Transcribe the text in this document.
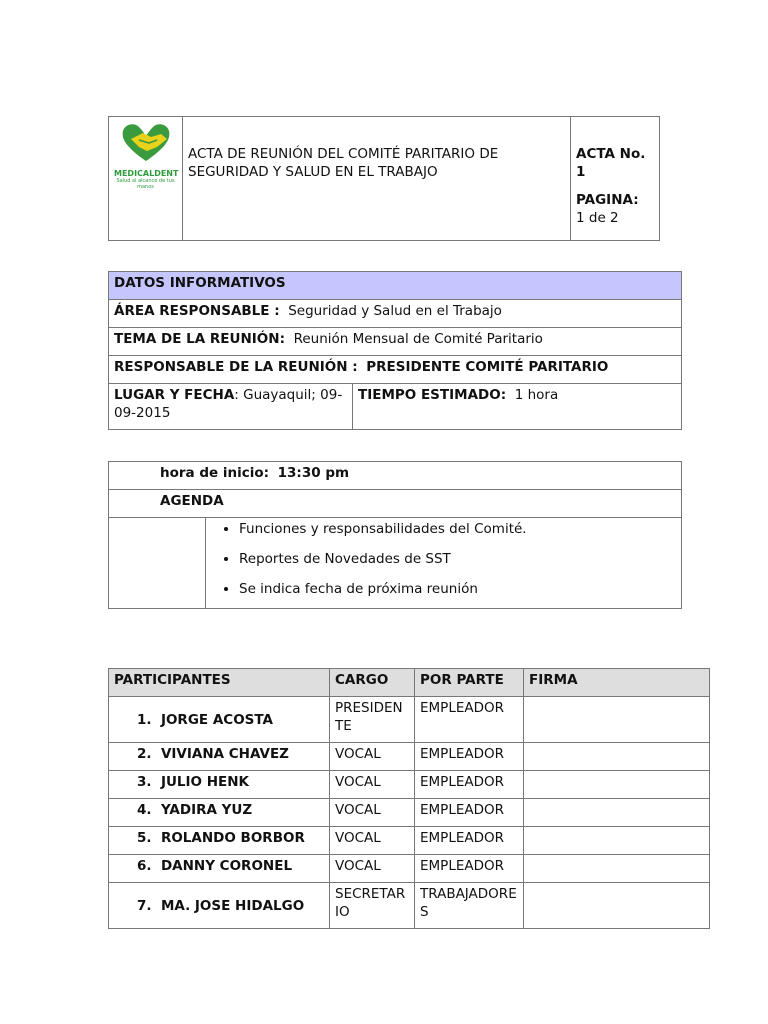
MEDICALDENT
Salud al alcance de tus manos

ACTA DE REUNIÓN DEL COMITÉ PARITARIO DE SEGURIDAD Y SALUD EN EL TRABAJO

ACTA No.
1
PAGINA:
1 de 2
DATOS INFORMATIVOS
ÁREA RESPONSABLE : Seguridad y Salud en el Trabajo
TEMA DE LA REUNIÓN: Reunión Mensual de Comité Paritario
RESPONSABLE DE LA REUNIÓN : PRESIDENTE COMITÉ PARITARIO
LUGAR Y FECHA: Guayaquil; 09-09-2015	TIEMPO ESTIMADO: 1 hora
hora de inicio: 13:30 pm
AGENDA

• Funciones y responsabilidades del Comité.
• Reportes de Novedades de SST
• Se indica fecha de próxima reunión
PARTICIPANTES	CARGO	POR PARTE	FIRMA
1. JORGE ACOSTA	PRESIDENTE	EMPLEADOR	
2. VIVIANA CHAVEZ	VOCAL	EMPLEADOR	
3. JULIO HENK	VOCAL	EMPLEADOR	
4. YADIRA YUZ	VOCAL	EMPLEADOR	
5. ROLANDO BORBOR	VOCAL	EMPLEADOR	
6. DANNY CORONEL	VOCAL	EMPLEADOR	
7. MA. JOSE HIDALGO	SECRETARIO	TRABAJADORES	
